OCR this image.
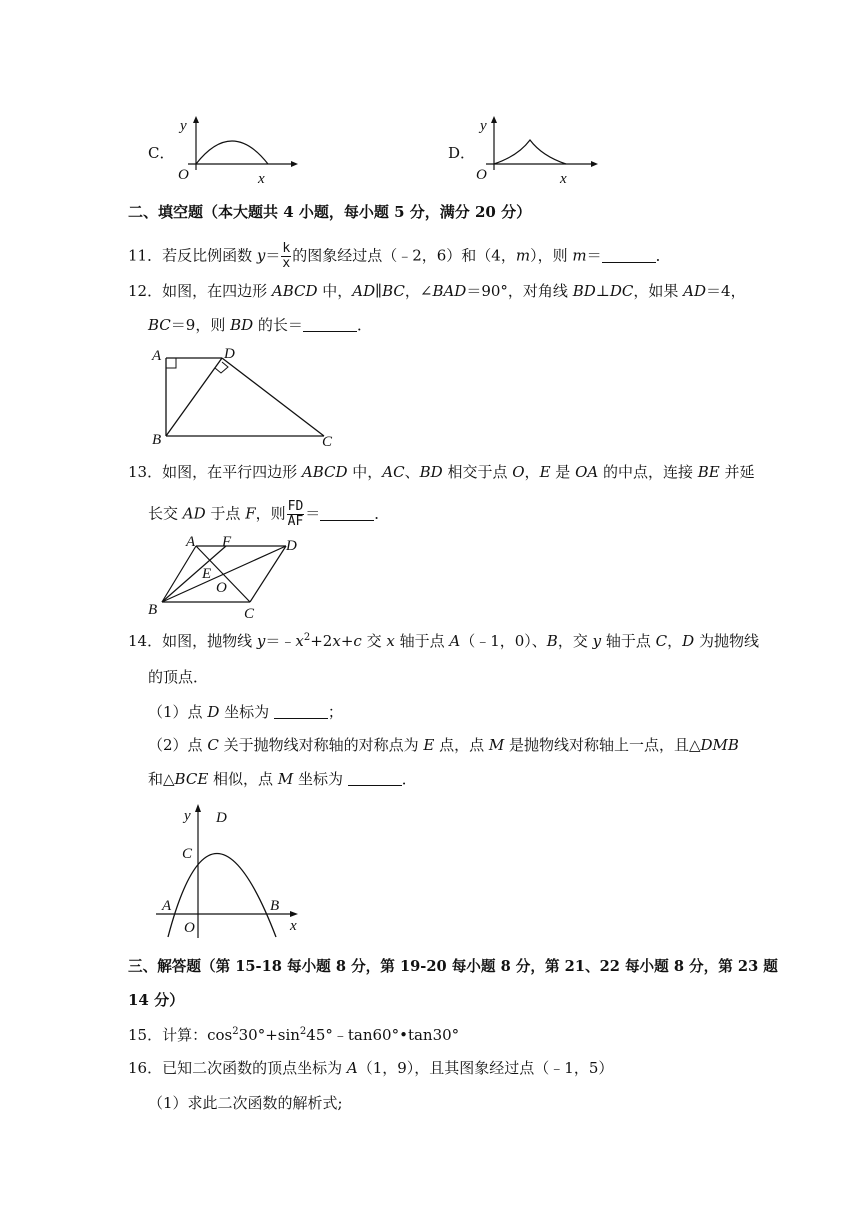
C．
y
O	x
D．
y
O	x
二、填空题（本大题共 4 小题，每小题 5 分，满分 20 分）
11．若反比例函数 $y= \frac{k}{x}$ 的图象经过点（﹣2，6）和（4，m），则 m＝	．
12．如图，在四边形 ABCD 中，AD∥BC，∠BAD＝90°，对角线 BD⊥DC，如果 AD＝4，
BC＝9，则 BD 的长＝	．
A	D
B	C
13．如图，在平行四边形 ABCD 中，AC、BD 相交于点 O，E 是 OA 的中点，连接 BE 并延
长交 AD 于点 F，则 $\frac{FD}{AF}$ ＝	．
A F	D
E
O
B	C
14．如图，抛物线 $y=﹣x^2+2x+c$ 交 x 轴于点 A（﹣1，0）、B，交 y 轴于点 C，D 为抛物线
的顶点．
（1）点 D 坐标为	；
（2）点 C 关于抛物线对称轴的对称点为 E 点，点 M 是抛物线对称轴上一点，且△DMB
和△BCE 相似，点 M 坐标为	．
y D
C
A
O
B
x
三、解答题（第 15-18 每小题 8 分，第 19-20 每小题 8 分，第 21、22 每小题 8 分，第 23 题
14 分）
15．计算：$\cos^230^\circ+\sin^245^\circ﹣\tan 60^\circ•\tan 30^\circ$
16．已知二次函数的顶点坐标为 A（1，9），且其图象经过点（﹣1，5）
（1）求此二次函数的解析式;
